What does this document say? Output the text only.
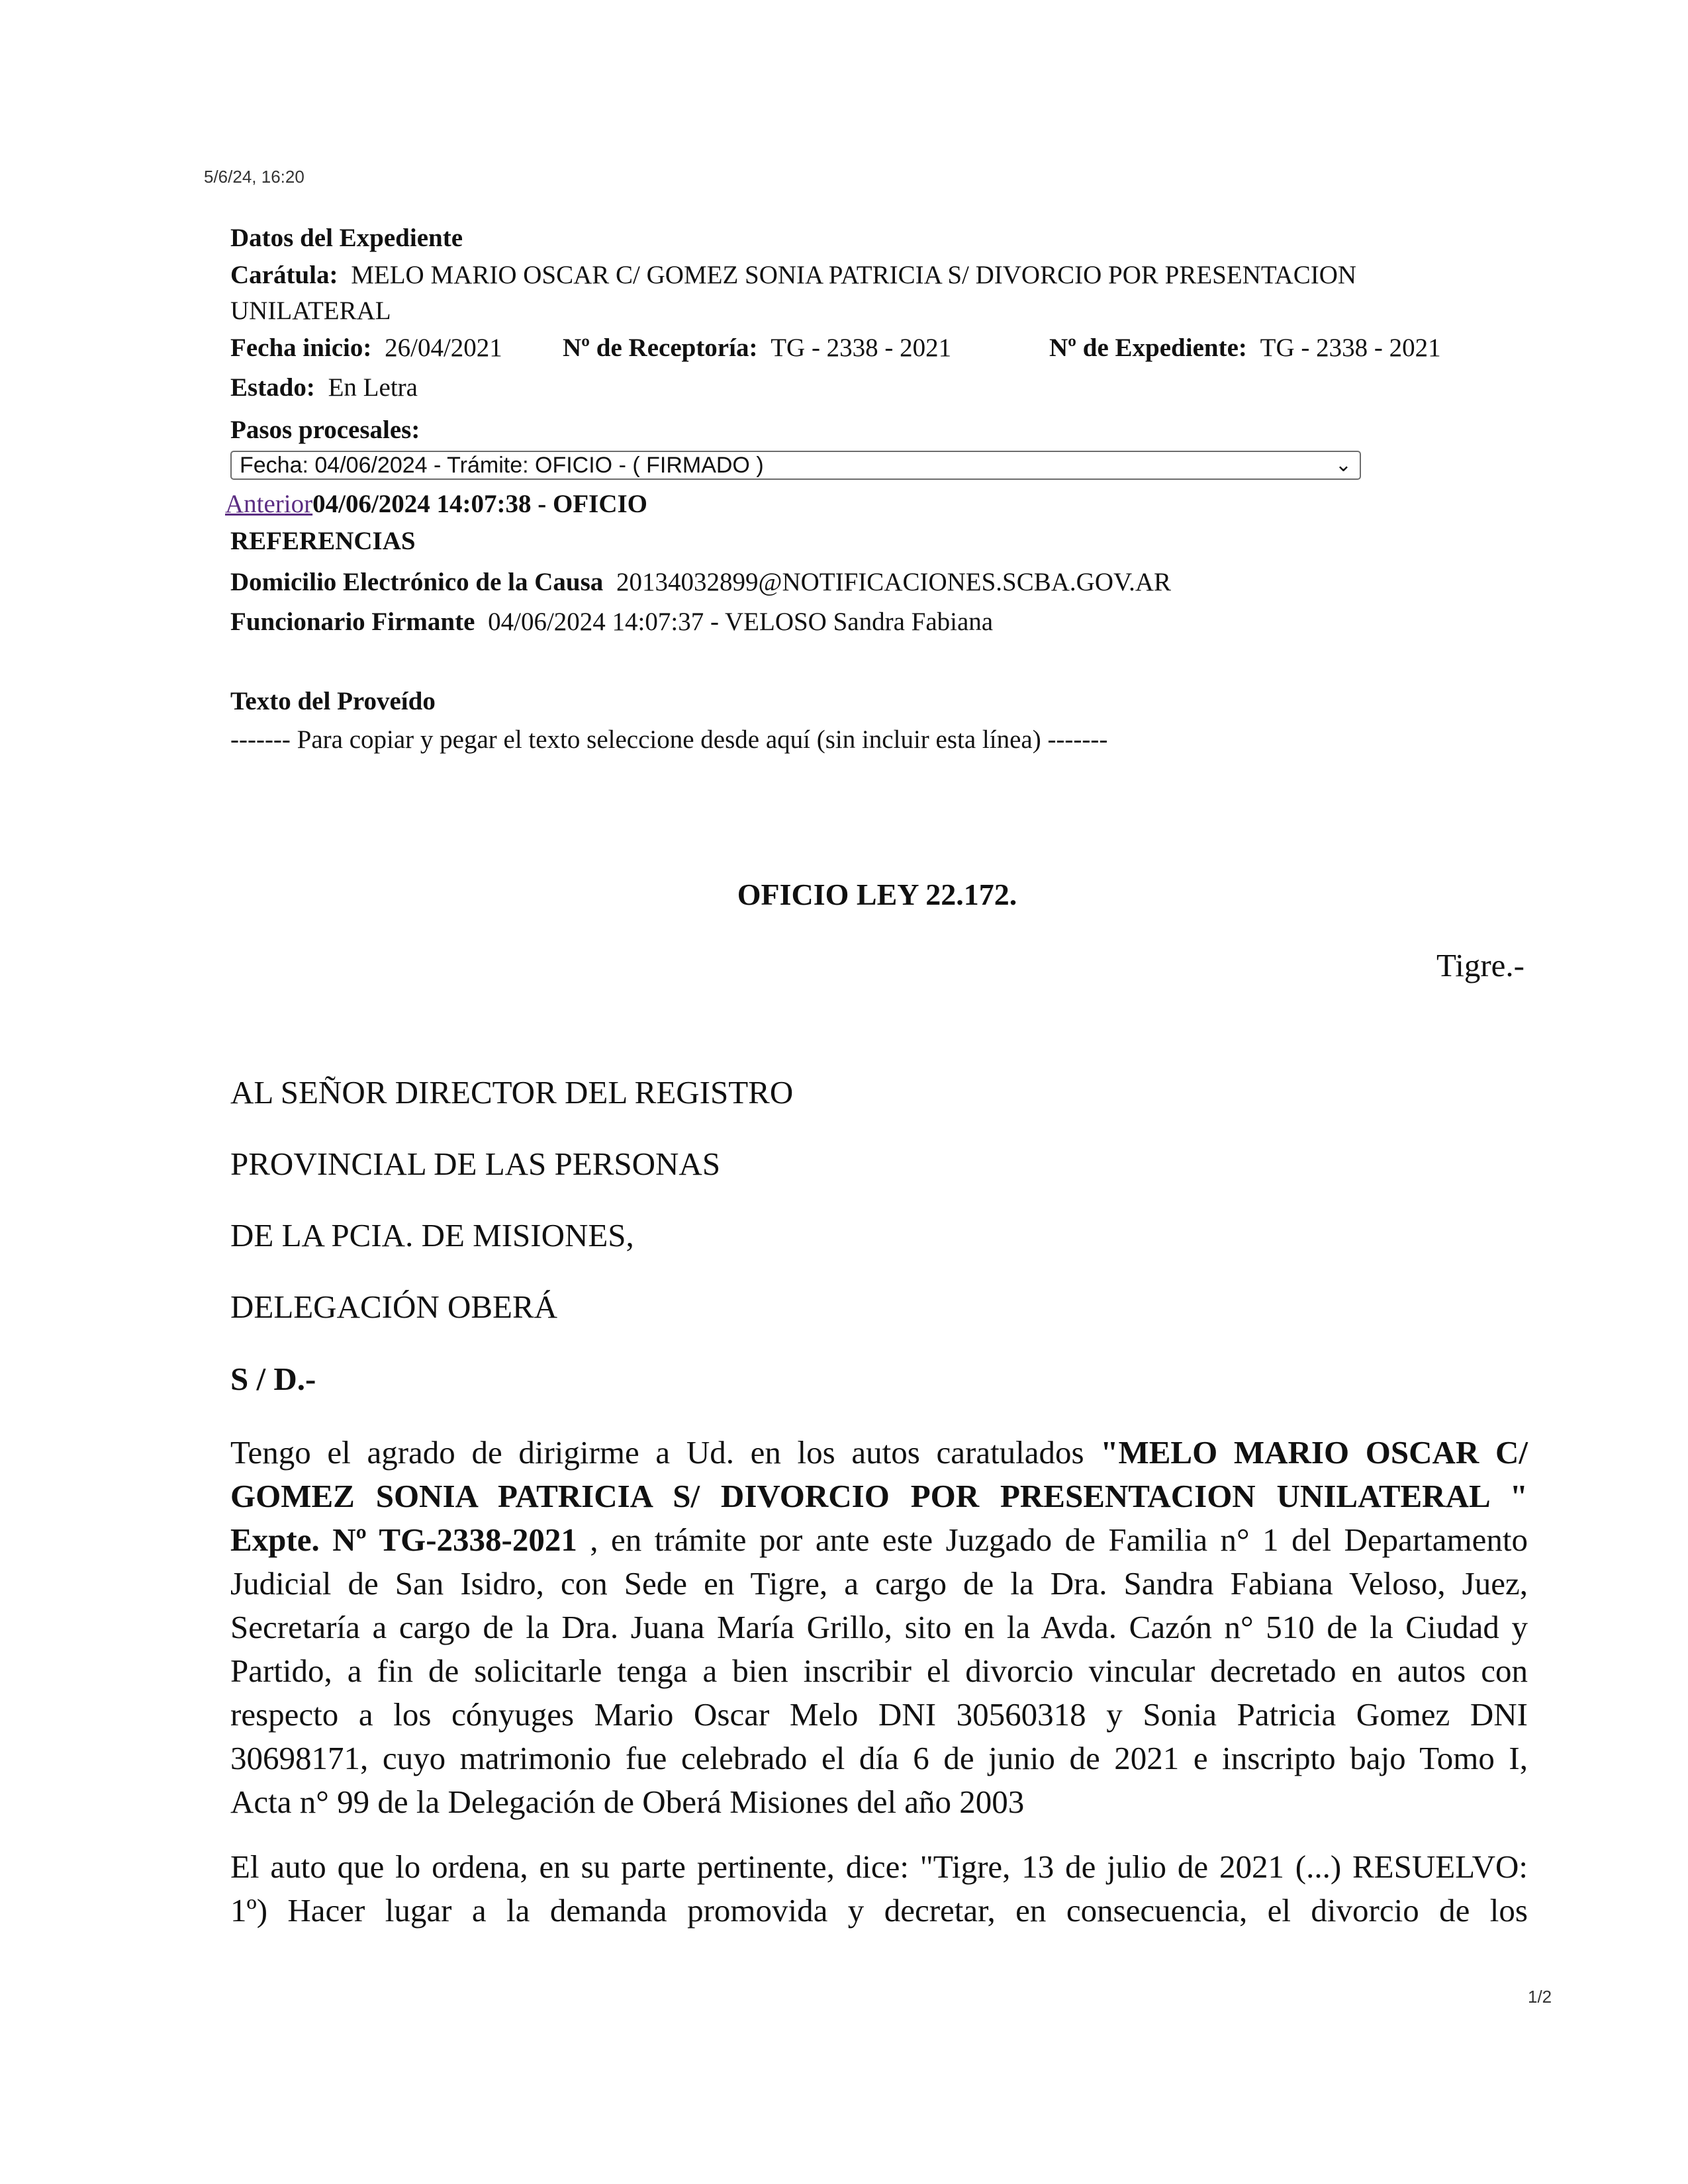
5/6/24, 16:20
Datos del Expediente
Carátula: MELO MARIO OSCAR C/ GOMEZ SONIA PATRICIA S/ DIVORCIO POR PRESENTACION
UNILATERAL
Fecha inicio: 26/04/2021 Nº de Receptoría: TG - 2338 - 2021	Nº de Expediente: TG - 2338 - 2021
Estado: En Letra
Pasos procesales:
Fecha: 04/06/2024 - Trámite: OFICIO - ( FIRMADO )	⌄
Anterior04/06/2024 14:07:38 - OFICIO
REFERENCIAS
Domicilio Electrónico de la Causa 20134032899@NOTIFICACIONES.SCBA.GOV.AR
Funcionario Firmante 04/06/2024 14:07:37 - VELOSO Sandra Fabiana
Texto del Proveído
------- Para copiar y pegar el texto seleccione desde aquí (sin incluir esta línea) -------
OFICIO LEY 22.172.
Tigre.-
AL SEÑOR DIRECTOR DEL REGISTRO
PROVINCIAL DE LAS PERSONAS
DE LA PCIA. DE MISIONES,
DELEGACIÓN OBERÁ
S / D.-
Tengo el agrado de dirigirme a Ud. en los autos caratulados "MELO MARIO OSCAR C/
GOMEZ SONIA PATRICIA S/ DIVORCIO POR PRESENTACION UNILATERAL "
Expte. Nº TG-2338-2021 , en trámite por ante este Juzgado de Familia n° 1 del Departamento
Judicial de San Isidro, con Sede en Tigre, a cargo de la Dra. Sandra Fabiana Veloso, Juez,
Secretaría a cargo de la Dra. Juana María Grillo, sito en la Avda. Cazón n° 510 de la Ciudad y
Partido, a fin de solicitarle tenga a bien inscribir el divorcio vincular decretado en autos con
respecto a los cónyuges Mario Oscar Melo DNI 30560318 y Sonia Patricia Gomez DNI
30698171, cuyo matrimonio fue celebrado el día 6 de junio de 2021 e inscripto bajo Tomo I,
Acta n° 99 de la Delegación de Oberá Misiones del año 2003
El auto que lo ordena, en su parte pertinente, dice: "Tigre, 13 de julio de 2021 (...) RESUELVO:
1º) Hacer lugar a la demanda promovida y decretar, en consecuencia, el divorcio de los
1/2
